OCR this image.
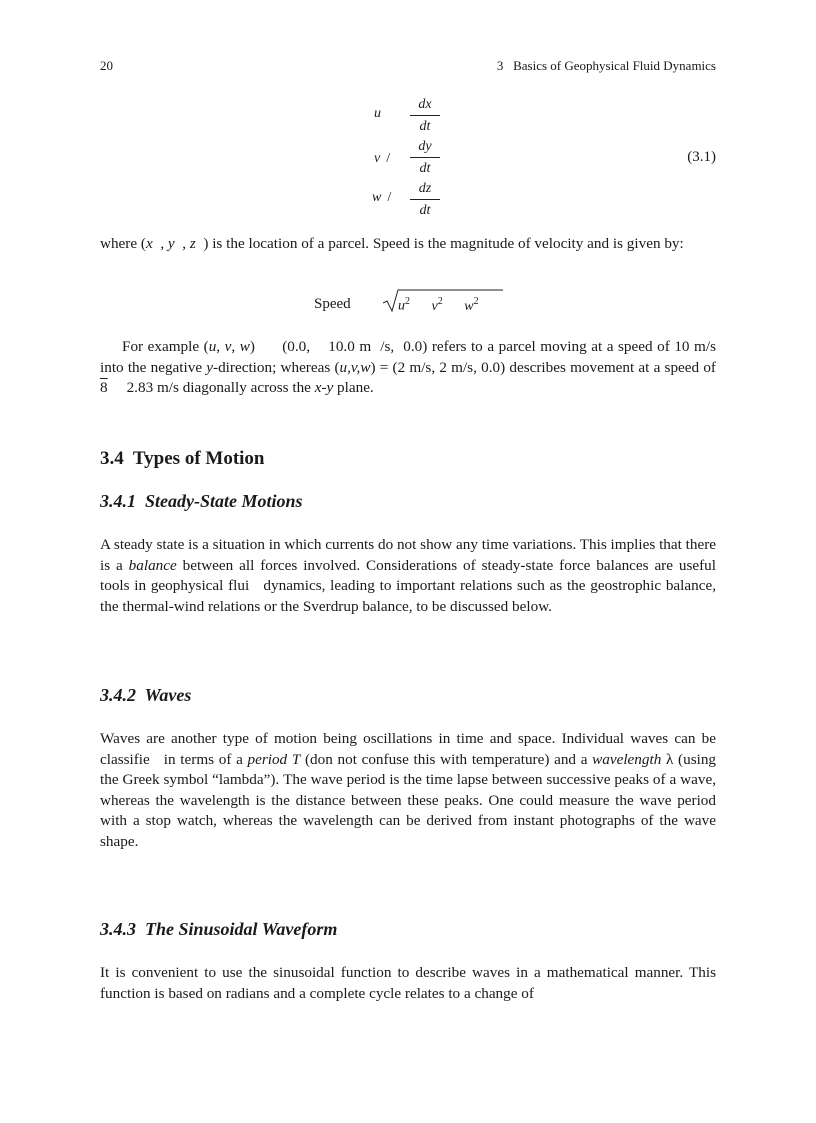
20	3   Basics of Geophysical Fluid Dynamics
u
dx
dt
v /
dy
dt
w /
dz
dt
(3.1)

where (x  , y  , z  ) is the location of a parcel. Speed is the magnitude of velocity and is given by:

Speed	$u^2$ $v^2$ $w^2$

For example (u, v, w)      (0.0,    10.0 m  /s,  0.0) refers to a parcel moving at a speed of 10 m/s into the negative y-direction; whereas (u,v,w) = (2 m/s, 2 m/s, 0.0) describes movement at a speed of    8     2.83 m/s diagonally across the x-y plane.

3.4  Types of Motion
3.4.1  Steady-State Motions

A steady state is a situation in which currents do not show any time variations. This implies that there is a balance between all forces involved. Considerations of steady-state force balances are useful tools in geophysical flui   dynamics, leading to important relations such as the geostrophic balance, the thermal-wind relations or the Sverdrup balance, to be discussed below.

3.4.2  Waves

Waves are another type of motion being oscillations in time and space. Individual waves can be classifie   in terms of a period T (don not confuse this with temperature) and a wavelength λ (using the Greek symbol “lambda”). The wave period is the time lapse between successive peaks of a wave, whereas the wavelength is the distance between these peaks. One could measure the wave period with a stop watch, whereas the wavelength can be derived from instant photographs of the wave shape.

3.4.3  The Sinusoidal Waveform

It is convenient to use the sinusoidal function to describe waves in a mathematical manner. This function is based on radians and a complete cycle relates to a change of
